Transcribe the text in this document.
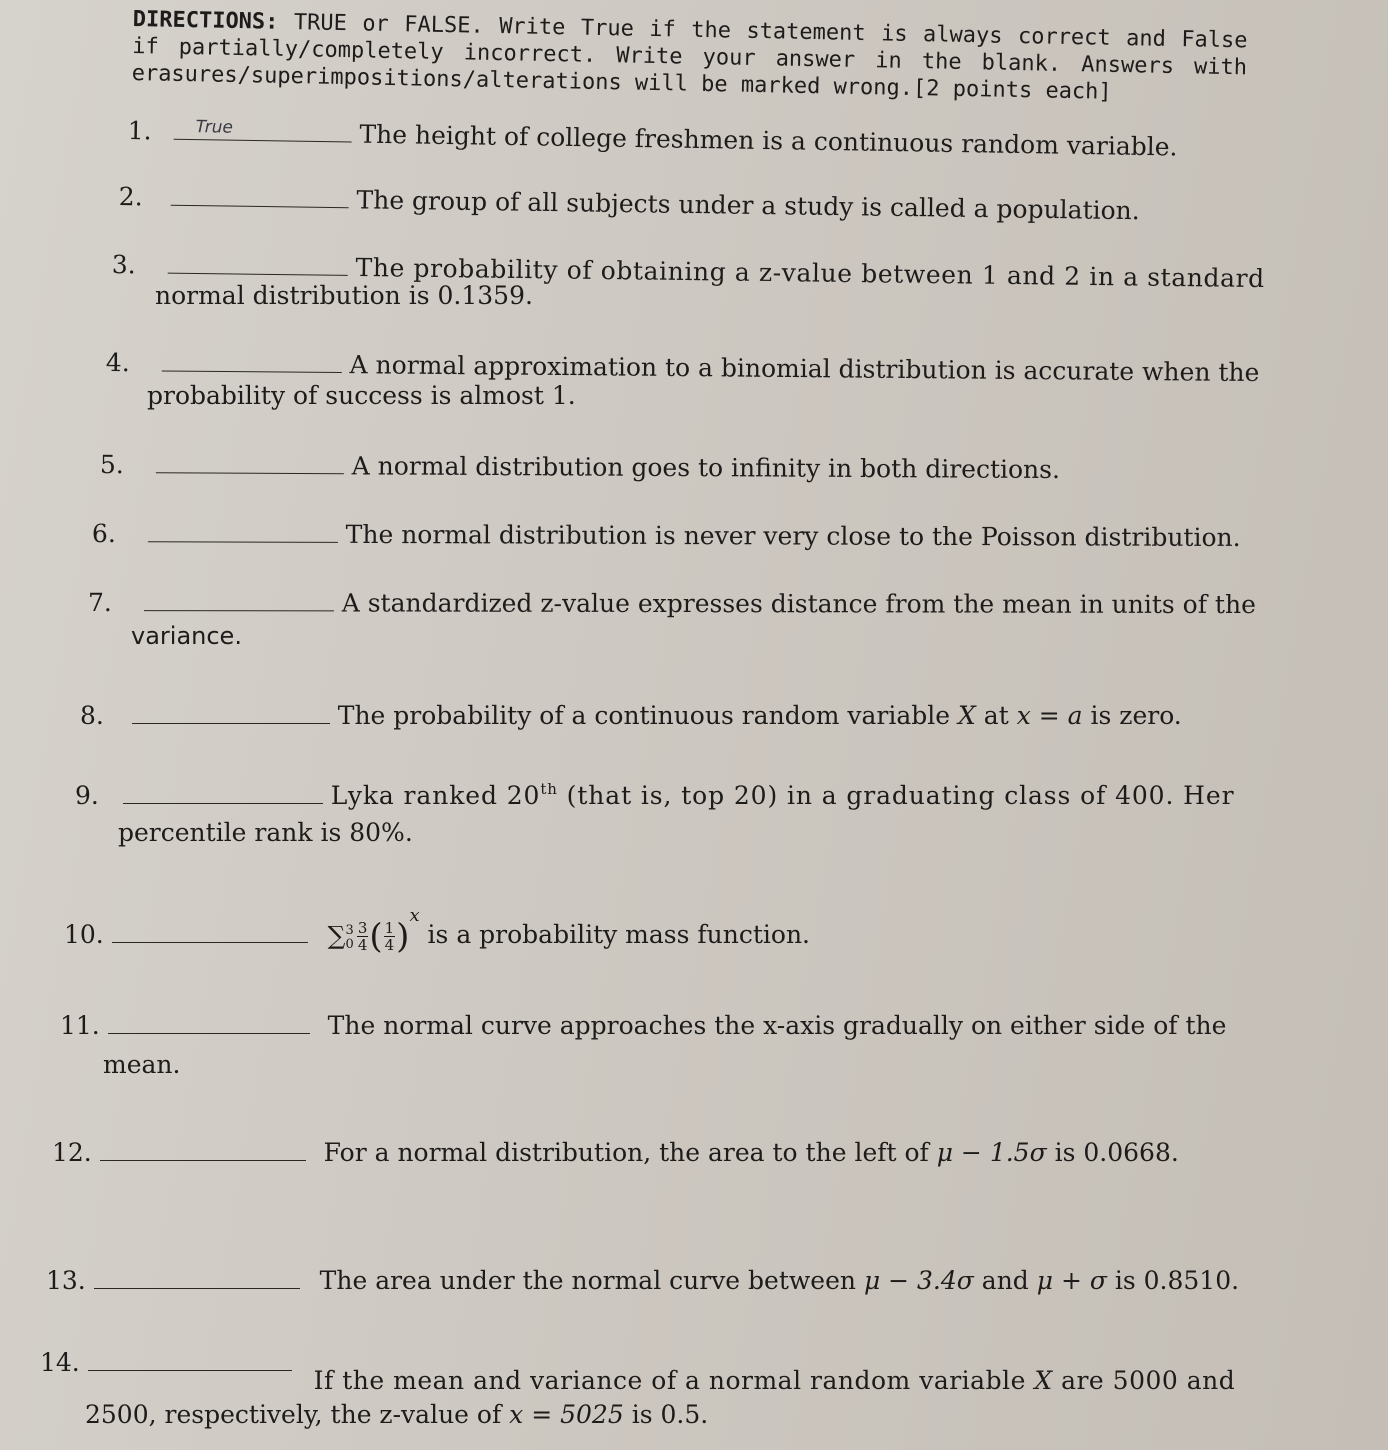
DIRECTIONS: TRUE or FALSE. Write True if the statement is always correct and False if partially/completely incorrect. Write your answer in the blank. Answers with erasures/superimpositions/alterations will be marked wrong.[2 points each]
1.	True	The height of college freshmen is a continuous random variable.
2.	The group of all subjects under a study is called a population.
3.	The probability of obtaining a z-value between 1 and 2 in a standard
normal distribution is 0.1359.
4.	A normal approximation to a binomial distribution is accurate when the
probability of success is almost 1.
5.	A normal distribution goes to infinity in both directions.
6.	The normal distribution is never very close to the Poisson distribution.
7.	A standardized z-value expresses distance from the mean in units of the
variance.
8.	The probability of a continuous random variable X at x = a is zero.
9.	Lyka ranked 20th (that is, top 20) in a graduating class of 400. Her
percentile rank is 80%.
10.	∑ 3
$0 \frac{3}{4}$ ( $\frac{1}{4} )^x$ is a probability mass function.
11.	The normal curve approaches the x-axis gradually on either side of the
mean.
12.	For a normal distribution, the area to the left of μ − 1.5σ is 0.0668.
13.	The area under the normal curve between μ − 3.4σ and μ + σ is 0.8510.
14.  If the mean and variance of a normal random variable X are 5000 and
2500, respectively, the z-value of x = 5025 is 0.5.
